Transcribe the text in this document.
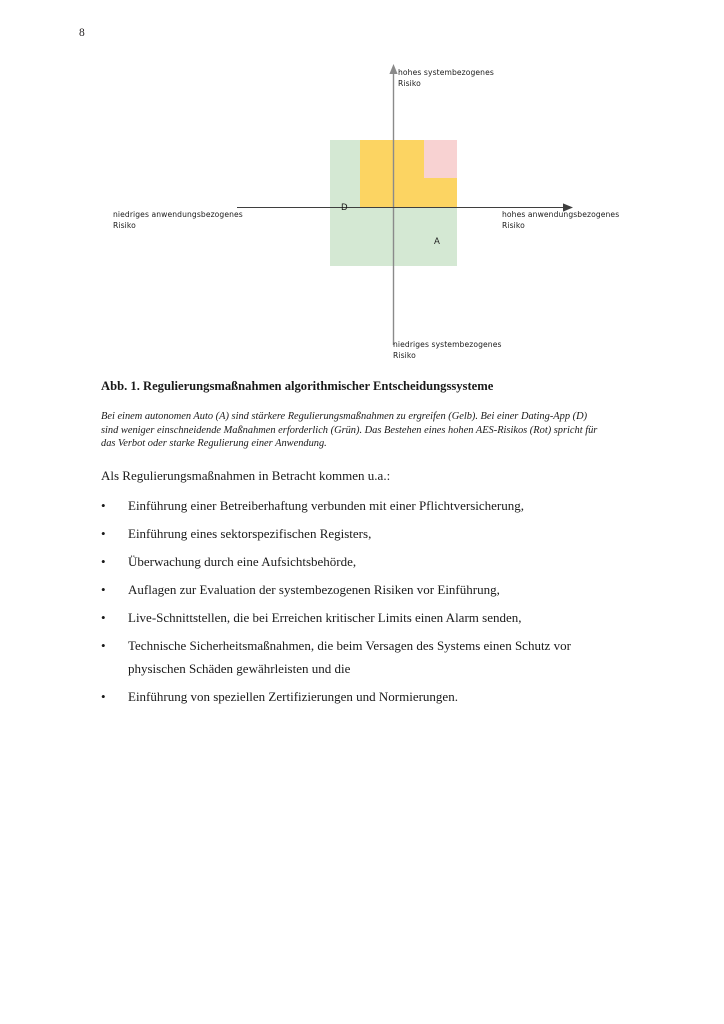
8
hohes systembezogenes
Risiko
hohes anwendungsbezogenes
Risiko
niedriges systembezogenes
Risiko
niedriges anwendungsbezogenes
Risiko
D
A
Abb. 1. Regulierungsmaßnahmen algorithmischer Entscheidungssysteme
Bei einem autonomen Auto (A) sind stärkere Regulierungsmaßnahmen zu ergreifen (Gelb). Bei einer Dating-App (D) sind weniger einschneidende Maßnahmen erforderlich (Grün). Das Bestehen eines hohen AES-Risikos (Rot) spricht für das Verbot oder starke Regulierung einer Anwendung.
Als Regulierungsmaßnahmen in Betracht kommen u.a.:
•	Einführung einer Betreiberhaftung verbunden mit einer Pflichtversicherung,
•	Einführung eines sektorspezifischen Registers,
•	Überwachung durch eine Aufsichtsbehörde,
•	Auflagen zur Evaluation der systembezogenen Risiken vor Einführung,
•	Live-Schnittstellen, die bei Erreichen kritischer Limits einen Alarm senden,
•	Technische Sicherheitsmaßnahmen, die beim Versagen des Systems einen Schutz vor physischen Schäden gewährleisten und die
•	Einführung von speziellen Zertifizierungen und Normierungen.
